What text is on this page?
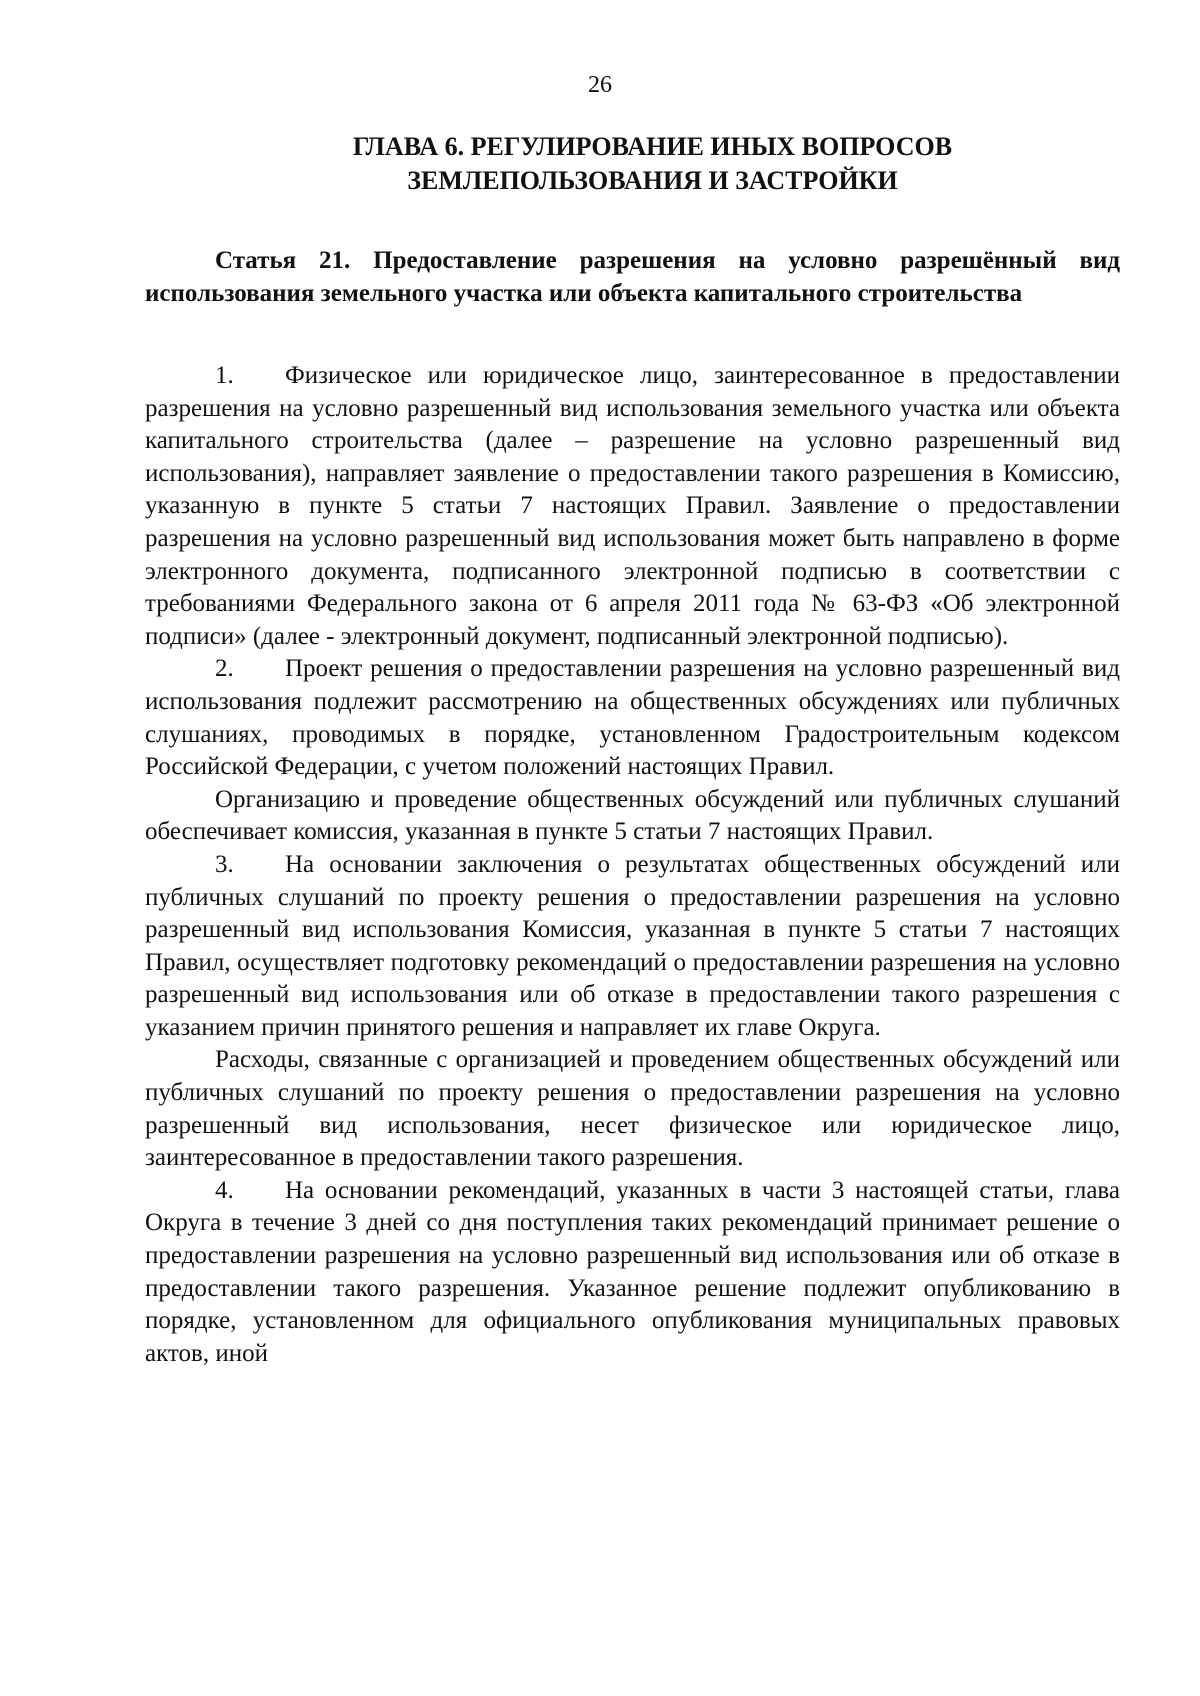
26
ГЛАВА 6. РЕГУЛИРОВАНИЕ ИНЫХ ВОПРОСОВ
ЗЕМЛЕПОЛЬЗОВАНИЯ И ЗАСТРОЙКИ
Статья 21. Предоставление разрешения на условно разрешённый вид использования земельного участка или объекта капитального строительства

1. Физическое или юридическое лицо, заинтересованное в предоставлении разрешения на условно разрешенный вид использования земельного участка или объекта капитального строительства (далее – разрешение на условно разрешенный вид использования), направляет заявление о предоставлении такого разрешения в Комиссию, указанную в пункте 5 статьи 7 настоящих Правил. Заявление о предоставлении разрешения на условно разрешенный вид использования может быть направлено в форме электронного документа, подписанного электронной подписью в соответствии с требованиями Федерального закона от 6 апреля 2011 года № 63-ФЗ «Об электронной подписи» (далее - электронный документ, подписанный электронной подписью).

2. Проект решения о предоставлении разрешения на условно разрешенный вид использования подлежит рассмотрению на общественных обсуждениях или публичных слушаниях, проводимых в порядке, установленном Градостроительным кодексом Российской Федерации, с учетом положений настоящих Правил.

Организацию и проведение общественных обсуждений или публичных слушаний обеспечивает комиссия, указанная в пункте 5 статьи 7 настоящих Правил.

3. На основании заключения о результатах общественных обсуждений или публичных слушаний по проекту решения о предоставлении разрешения на условно разрешенный вид использования Комиссия, указанная в пункте 5 статьи 7 настоящих Правил, осуществляет подготовку рекомендаций о предоставлении разрешения на условно разрешенный вид использования или об отказе в предоставлении такого разрешения с указанием причин принятого решения и направляет их главе Округа.

Расходы, связанные с организацией и проведением общественных обсуждений или публичных слушаний по проекту решения о предоставлении разрешения на условно разрешенный вид использования, несет физическое или юридическое лицо, заинтересованное в предоставлении такого разрешения.

4. На основании рекомендаций, указанных в части 3 настоящей статьи, глава Округа в течение 3 дней со дня поступления таких рекомендаций принимает решение о предоставлении разрешения на условно разрешенный вид использования или об отказе в предоставлении такого разрешения. Указанное решение подлежит опубликованию в порядке, установленном для официального опубликования муниципальных правовых актов, иной
